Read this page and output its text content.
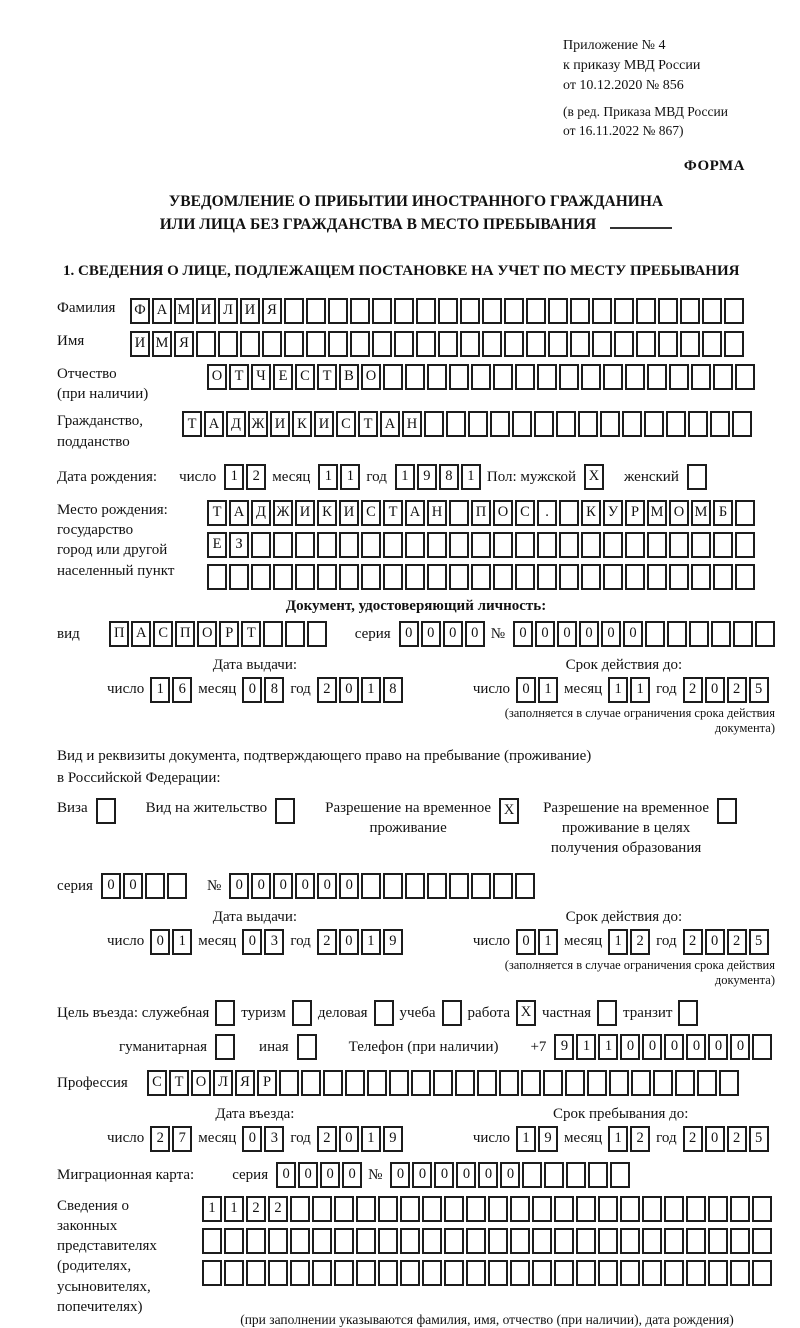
Приложение № 4
к приказу МВД России
от 10.12.2020 № 856
(в ред. Приказа МВД России
от 16.11.2022 № 867)
ФОРМА
УВЕДОМЛЕНИЕ О ПРИБЫТИИ ИНОСТРАННОГО ГРАЖДАНИНА
ИЛИ ЛИЦА БЕЗ ГРАЖДАНСТВА В МЕСТО ПРЕБЫВАНИЯ
1. СВЕДЕНИЯ О ЛИЦЕ, ПОДЛЕЖАЩЕМ ПОСТАНОВКЕ НА УЧЕТ ПО МЕСТУ ПРЕБЫВАНИЯ
Фамилия	Ф А М И Л И Я
Имя	И М Я
Отчество
(при наличии)
О Т Ч Е С Т В О
Гражданство,
подданство
Т А Д Ж И К И С Т А Н
Дата рождения: число 1	2 месяц 1	1 год 1	9	8	1 Пол: мужской X	женский
Место рождения:
государство
город или другой
населенный пункт
Т А Д Ж И К И С Т А Н	П О С	.	К У Р М О М Б
Е З
Документ, удостоверяющий личность:
вид	П А С П О Р Т	серия 0	0	0	0 № 0	0	0	0	0	0
Дата выдачи:
число 1	6 месяц 0	8 год 2	0	1	8
Срок действия до:
число 0	1 месяц 1	1 год 2	0	2	5
(заполняется в случае ограничения срока действия документа)
Вид и реквизиты документа, подтверждающего право на пребывание (проживание)
в Российской Федерации:
Виза	Вид на жительство	Разрешение на временное
проживание
X	Разрешение на временное
проживание в целях
получения образования
серия 0	0	№ 0	0	0	0	0	0
Дата выдачи:
число 0	1 месяц 0	3 год 2	0	1	9
Срок действия до:
число 0	1 месяц 1	2 год 2	0	2	5
(заполняется в случае ограничения срока действия документа)
Цель въезда: служебная туризм деловая учеба работа X частная транзит
гуманитарная	иная	Телефон (при наличии) +7 9	1	1	0	0	0	0	0	0
Профессия	С Т О Л Я Р
Дата въезда:
число 2	7 месяц 0	3 год 2	0	1	9
Срок пребывания до:
число 1	9 месяц 1	2 год 2	0	2	5
Миграционная карта:	серия 0	0	0	0 № 0	0	0	0	0	0
Сведения о
законных
представителях
(родителях,
усыновителях,
попечителях)
1	1	2	2
(при заполнении указываются фамилия, имя, отчество (при наличии), дата рождения)
